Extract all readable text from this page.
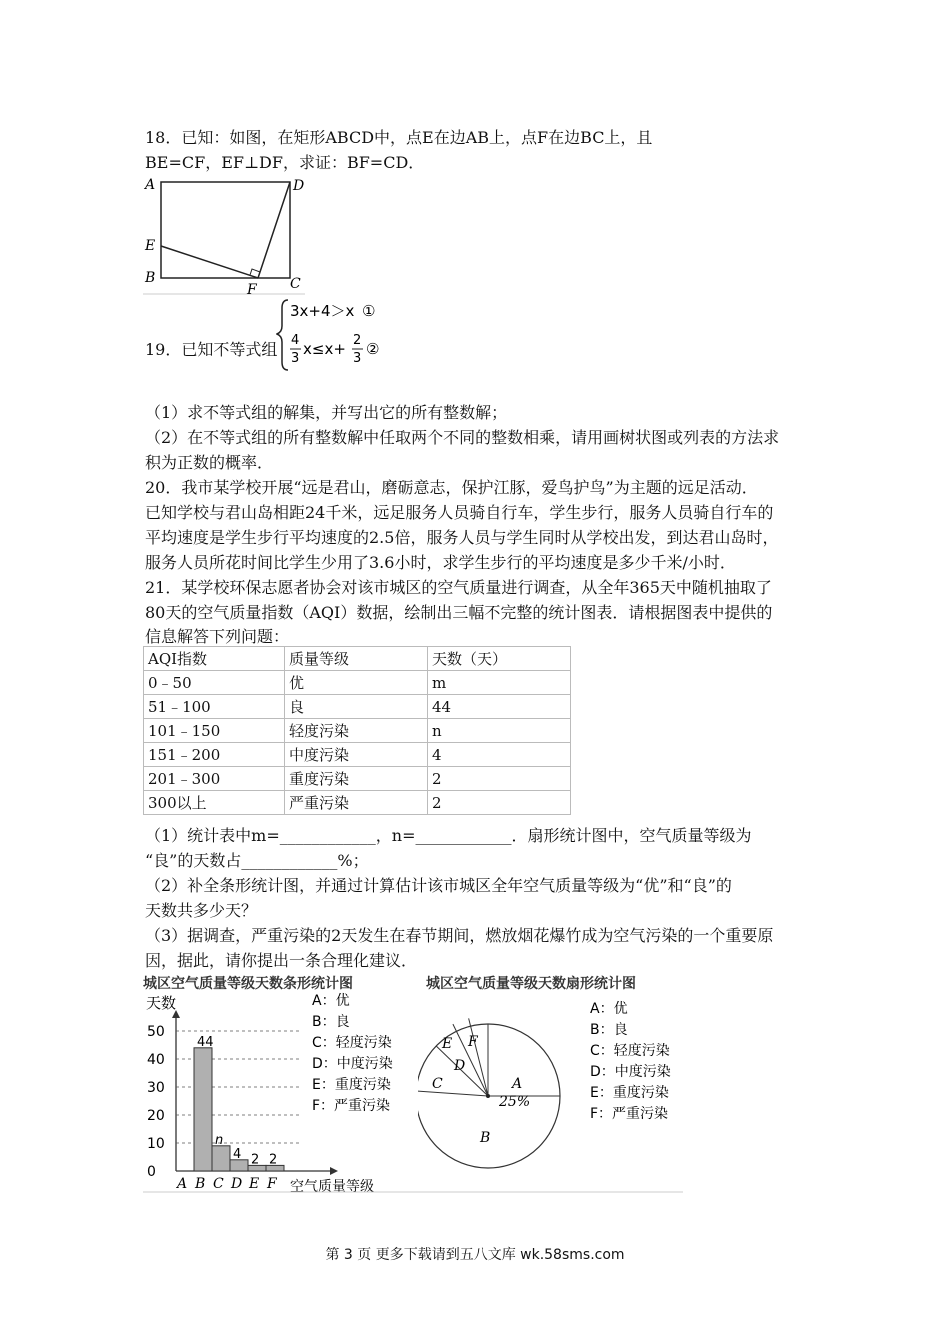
18．已知：如图，在矩形ABCD中，点E在边AB上，点F在边BC上，且
BE=CF，EF⊥DF，求证：BF=CD．
A	D
E
B	C
F
19．已知不等式组
3x+4＞x ①
4
3
x≤x+ 2
3
②
（1）求不等式组的解集，并写出它的所有整数解；
（2）在不等式组的所有整数解中任取两个不同的整数相乘，请用画树状图或列表的方法求
积为正数的概率．
20．我市某学校开展“远是君山，磨砺意志，保护江豚，爱鸟护鸟”为主题的远足活动．
已知学校与君山岛相距24千米，远足服务人员骑自行车，学生步行，服务人员骑自行车的
平均速度是学生步行平均速度的2.5倍，服务人员与学生同时从学校出发，到达君山岛时，
服务人员所花时间比学生少用了3.6小时，求学生步行的平均速度是多少千米/小时．
21．某学校环保志愿者协会对该市城区的空气质量进行调查，从全年365天中随机抽取了
80天的空气质量指数（AQI）数据，绘制出三幅不完整的统计图表．请根据图表中提供的
信息解答下列问题：
AQI指数	质量等级	天数（天）
0﹣50	优	m
51﹣100	良	44
101﹣150	轻度污染	n
151﹣200	中度污染	4
201﹣300	重度污染	2
300以上	严重污染	2
（1）统计表中m=____________，n=____________．扇形统计图中，空气质量等级为
“良”的天数占____________%；
（2）补全条形统计图，并通过计算估计该市城区全年空气质量等级为“优”和“良”的
天数共多少天？
（3）据调查，严重污染的2天发生在春节期间，燃放烟花爆竹成为空气污染的一个重要原
因，据此，请你提出一条合理化建议．
城区空气质量等级天数条形统计图
天数	A：优
B：良
C：轻度污染
D：中度污染
E：重度污染
F：严重污染
0
10
20
30
40
50
A B
44
C
n
D
4
E
2
F
2
空气质量等级
城区空气质量等级天数扇形统计图
A：优
B：良
C：轻度污染
D：中度污染
E：重度污染
F：严重污染
A
B
C
D
E F
25%
第 3 页 更多下载请到五八文库 wk.58sms.com
